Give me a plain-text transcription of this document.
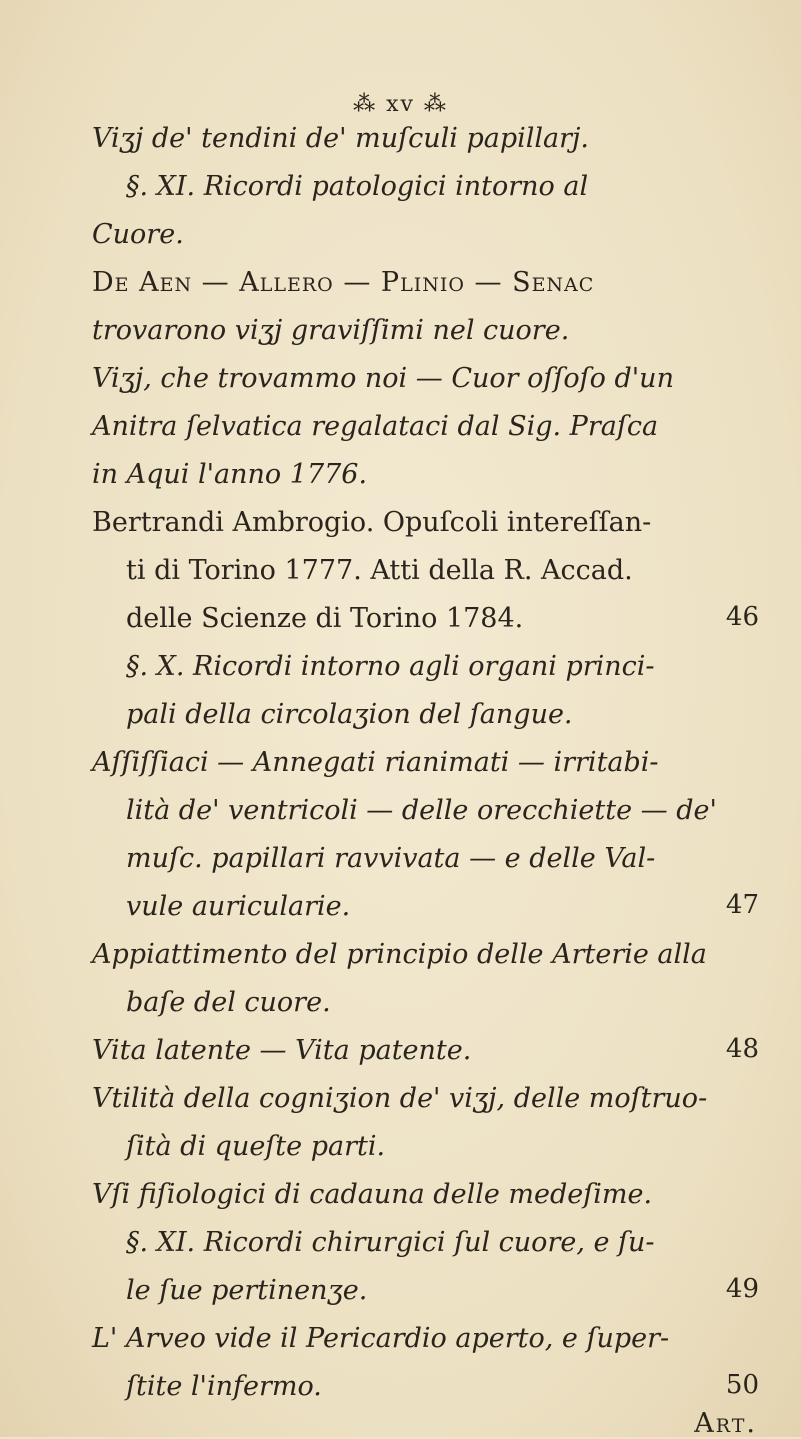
⁂ xv ⁂
Viʒj de' tendini de' muſculi papillarj.
§. XI. Ricordi patologici intorno al
Cuore.
De Aen — Allero — Plinio — Senac
trovarono viʒj graviſſimi nel cuore.
Viʒj, che trovammo noi — Cuor oſſoſo d'un
Anitra ſelvatica regalataci dal Sig. Praſca
in Aqui l'anno 1776.
Bertrandi Ambrogio. Opuſcoli intereſſan-
ti di Torino 1777. Atti della R. Accad.
delle Scienze di Torino 1784.	46
§. X. Ricordi intorno agli organi princi-
pali della circolaʒion del ſangue.
Aſſiſſiaci — Annegati rianimati — irritabi-
lità de' ventricoli — delle orecchiette — de'
muſc. papillari ravvivata — e delle Val-
vule auricularie.	47
Appiattimento del principio delle Arterie alla
baſe del cuore.
Vita latente — Vita patente.	48
Vtilità della cogniʒion de' viʒj, delle moſtruo-
ſità di queſte parti.
Vſi fiſiologici di cadauna delle medeſime.
§. XI. Ricordi chirurgici ſul cuore, e ſu-
le ſue pertinenʒe.	49
L' Arveo vide il Pericardio aperto, e ſuper-
ſtite l'infermo.	50
Art.
